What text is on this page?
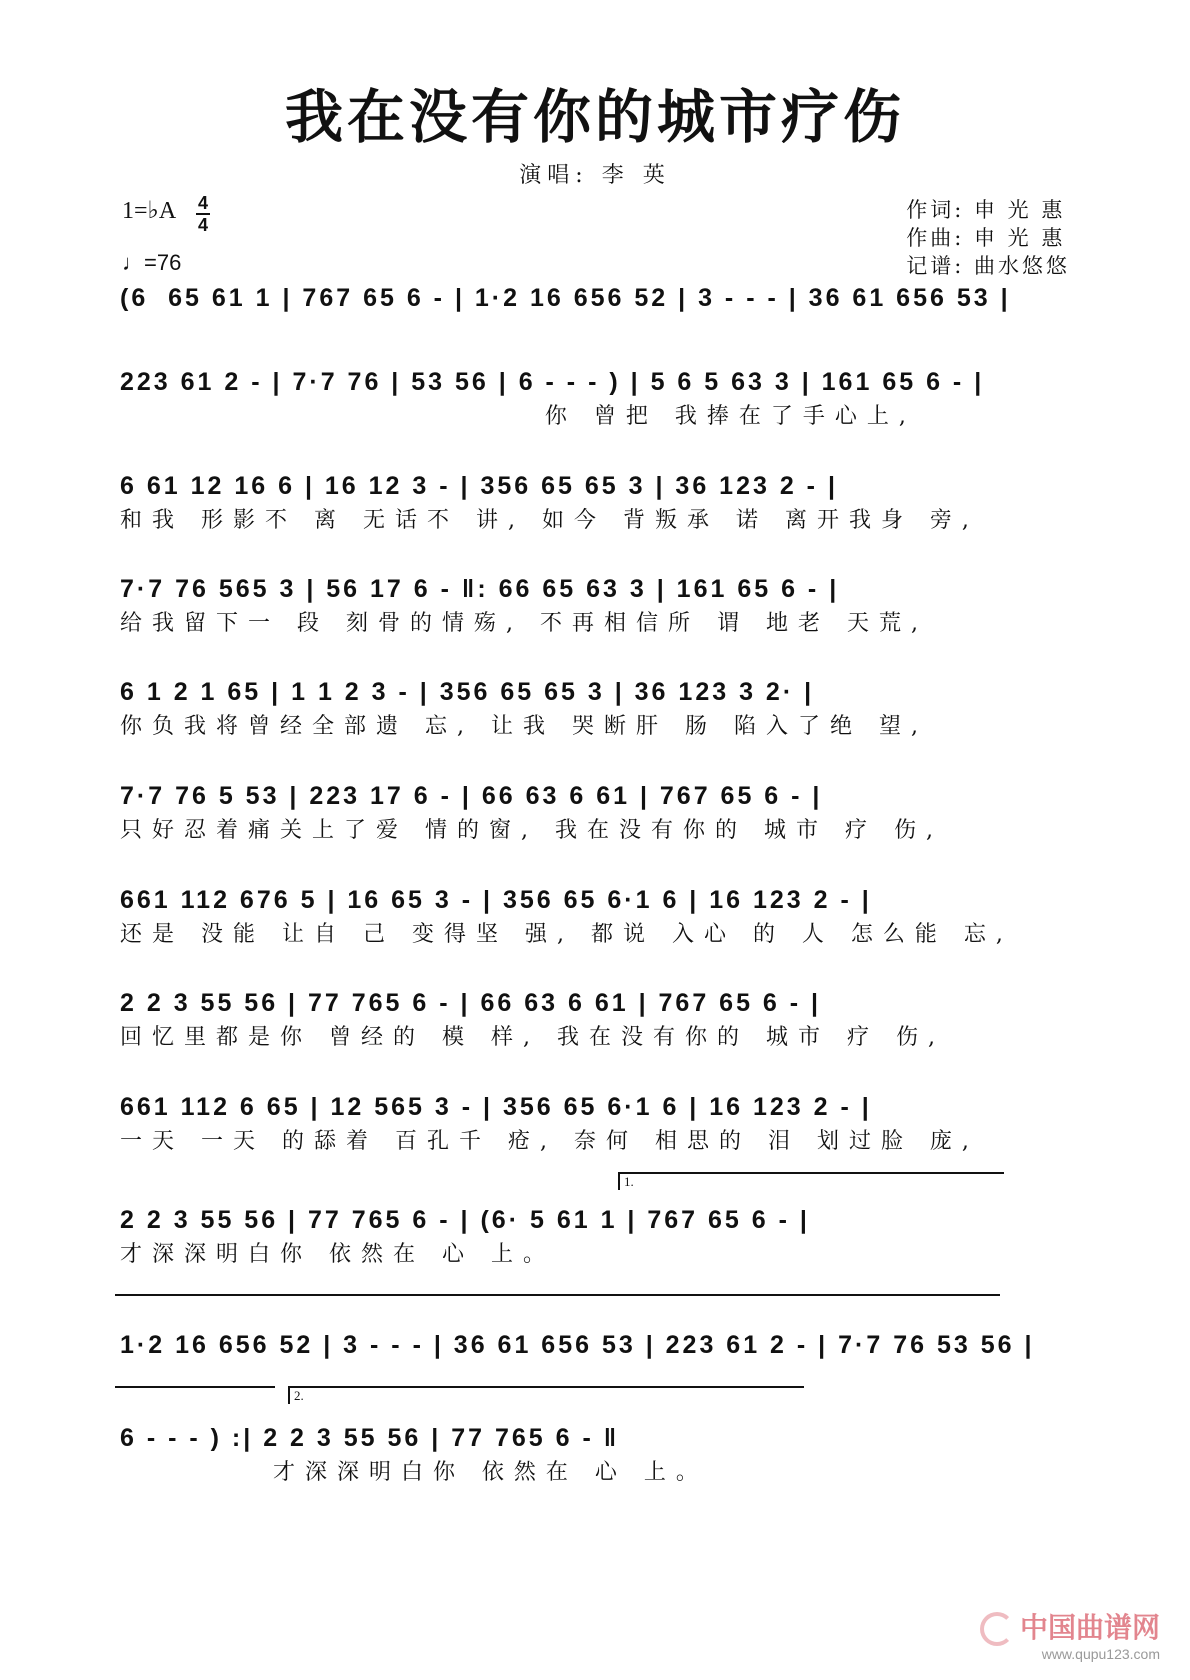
我在没有你的城市疗伤
演唱: 李 英
1=♭A 4
4
♩=76
作词: 申 光 惠
作曲: 申 光 惠
记谱: 曲水悠悠
(6  65 61 1 | 767 65 6 - | 1·2 16 656 52 | 3 - - - | 36 61 656 53 |
223 61 2 - | 7·7 76 | 53 56 | 6 - - - ) | 5 6 5 63 3 | 161 65 6 - |
你 曾把 我捧在了手心上,
6 61 12 16 6 | 16 12 3 - | 356 65 65 3 | 36 123 2 - |
和我 形影不 离 无话不 讲, 如今 背叛承 诺 离开我身 旁,
7·7 76 565 3 | 56 17 6 - ‖: 66 65 63 3 | 161 65 6 - |
给我留下一 段 刻骨的情殇, 不再相信所 谓 地老 天荒,
6 1 2 1 65 | 1 1 2 3 - | 356 65 65 3 | 36 123 3 2· |
你负我将曾经全部遗 忘, 让我 哭断肝 肠 陷入了绝 望,
7·7 76 5 53 | 223 17 6 - | 66 63 6 61 | 767 65 6 - |
只好忍着痛关上了爱 情的窗, 我在没有你的 城市 疗 伤,
661 112 676 5 | 16 65 3 - | 356 65 6·1 6 | 16 123 2 - |
还是 没能 让自 己 变得坚 强, 都说 入心 的 人 怎么能 忘,
2 2 3 55 56 | 77 765 6 - | 66 63 6 61 | 767 65 6 - |
回忆里都是你 曾经的 模 样, 我在没有你的 城市 疗 伤,
661 112 6 65 | 12 565 3 - | 356 65 6·1 6 | 16 123 2 - |
一天 一天 的舔着 百孔千 疮, 奈何 相思的 泪 划过脸 庞,
2 2 3 55 56 | 77 765 6 - | (6· 5 61 1 | 767 65 6 - |
才深深明白你 依然在 心 上。
1·2 16 656 52 | 3 - - - | 36 61 656 53 | 223 61 2 - | 7·7 76 53 56 |
6 - - - ) :| 2 2 3 55 56 | 77 765 6 - ‖
才深深明白你 依然在 心 上。
1.
2.
中国曲谱网
www.qupu123.com
